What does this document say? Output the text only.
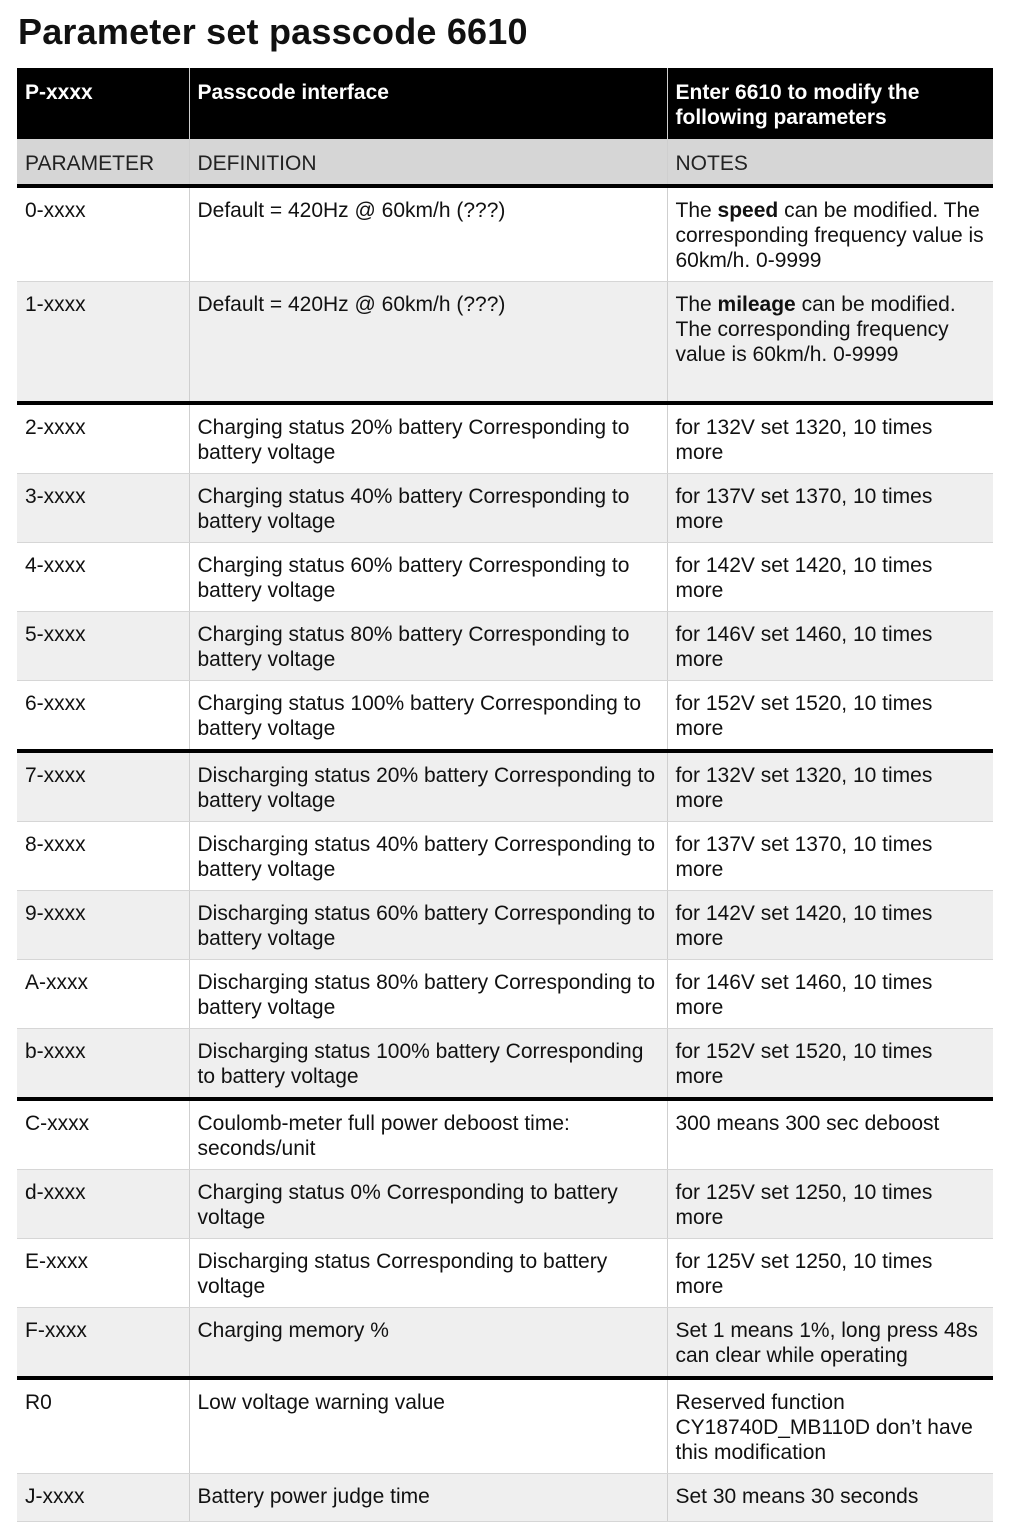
Parameter set passcode 6610
P-xxxx	Passcode interface	Enter 6610 to modify the following parameters
PARAMETER	DEFINITION	NOTES
0-xxxx	Default = 420Hz @ 60km/h (???)	The speed can be modified. The corresponding frequency value is 60km/h. 0-9999
1-xxxx	Default = 420Hz @ 60km/h (???)	The mileage can be modified. The corresponding frequency value is 60km/h. 0-9999
2-xxxx	Charging status 20% battery Corresponding to battery voltage	for 132V set 1320, 10 times more
3-xxxx	Charging status 40% battery Corresponding to battery voltage	for 137V set 1370, 10 times more
4-xxxx	Charging status 60% battery Corresponding to battery voltage	for 142V set 1420, 10 times more
5-xxxx	Charging status 80% battery Corresponding to battery voltage	for 146V set 1460, 10 times more
6-xxxx	Charging status 100% battery Corresponding to battery voltage	for 152V set 1520, 10 times more
7-xxxx	Discharging status 20% battery Corresponding to battery voltage	for 132V set 1320, 10 times more
8-xxxx	Discharging status 40% battery Corresponding to battery voltage	for 137V set 1370, 10 times more
9-xxxx	Discharging status 60% battery Corresponding to battery voltage	for 142V set 1420, 10 times more
A-xxxx	Discharging status 80% battery Corresponding to battery voltage	for 146V set 1460, 10 times more
b-xxxx	Discharging status 100% battery Corresponding to battery voltage	for 152V set 1520, 10 times more
C-xxxx	Coulomb-meter full power deboost time: seconds/unit	300 means 300 sec deboost
d-xxxx	Charging status 0% Corresponding to battery voltage	for 125V set 1250, 10 times more
E-xxxx	Discharging status Corresponding to battery voltage	for 125V set 1250, 10 times more
F-xxxx	Charging memory %	Set 1 means 1%, long press 48s can clear while operating
R0	Low voltage warning value	Reserved function CY18740D_MB110D don’t have this modification
J-xxxx	Battery power judge time	Set 30 means 30 seconds
